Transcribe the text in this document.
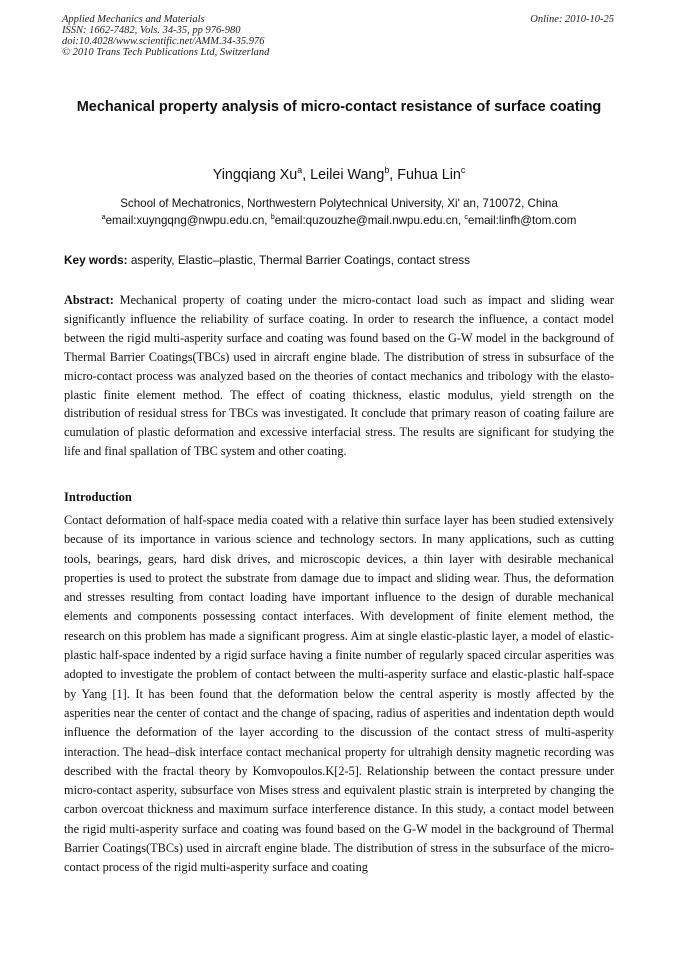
Applied Mechanics and Materials
ISSN: 1662-7482, Vols. 34-35, pp 976-980
doi:10.4028/www.scientific.net/AMM.34-35.976
© 2010 Trans Tech Publications Ltd, Switzerland
Online: 2010-10-25
Mechanical property analysis of micro-contact resistance of surface coating
Yingqiang Xu$^a$, Leilei Wang$^b$, Fuhua Lin$^c$
School of Mechatronics, Northwestern Polytechnical University, Xi' an, 710072, China
$^a$email:xuyngqng@nwpu.edu.cn, $^b$email:quzouzhe@mail.nwpu.edu.cn, $^c$email:linfh@tom.com
Key words: asperity, Elastic–plastic, Thermal Barrier Coatings, contact stress

Abstract: Mechanical property of coating under the micro-contact load such as impact and sliding wear significantly influence the reliability of surface coating. In order to research the influence, a contact model between the rigid multi-asperity surface and coating was found based on the G-W model in the background of Thermal Barrier Coatings(TBCs) used in aircraft engine blade. The distribution of stress in subsurface of the micro-contact process was analyzed based on the theories of contact mechanics and tribology with the elasto-plastic finite element method. The effect of coating thickness, elastic modulus, yield strength on the distribution of residual stress for TBCs was investigated. It conclude that primary reason of coating failure are cumulation of plastic deformation and excessive interfacial stress. The results are significant for studying the life and final spallation of TBC system and other coating.

Introduction

Contact deformation of half-space media coated with a relative thin surface layer has been studied extensively because of its importance in various science and technology sectors. In many applications, such as cutting tools, bearings, gears, hard disk drives, and microscopic devices, a thin layer with desirable mechanical properties is used to protect the substrate from damage due to impact and sliding wear. Thus, the deformation and stresses resulting from contact loading have important influence to the design of durable mechanical elements and components possessing contact interfaces. With development of finite element method, the research on this problem has made a significant progress. Aim at single elastic-plastic layer, a model of elastic-plastic half-space indented by a rigid surface having a finite number of regularly spaced circular asperities was adopted to investigate the problem of contact between the multi-asperity surface and elastic-plastic half-space by Yang [1]. It has been found that the deformation below the central asperity is mostly affected by the asperities near the center of contact and the change of spacing, radius of asperities and indentation depth would influence the deformation of the layer according to the discussion of the contact stress of multi-asperity interaction. The head–disk interface contact mechanical property for ultrahigh density magnetic recording was described with the fractal theory by Komvopoulos.K[2-5]. Relationship between the contact pressure under micro-contact asperity, subsurface von Mises stress and equivalent plastic strain is interpreted by changing the carbon overcoat thickness and maximum surface interference distance. In this study, a contact model between the rigid multi-asperity surface and coating was found based on the G-W model in the background of Thermal Barrier Coatings(TBCs) used in aircraft engine blade. The distribution of stress in the subsurface of the micro-contact process of the rigid multi-asperity surface and coating
